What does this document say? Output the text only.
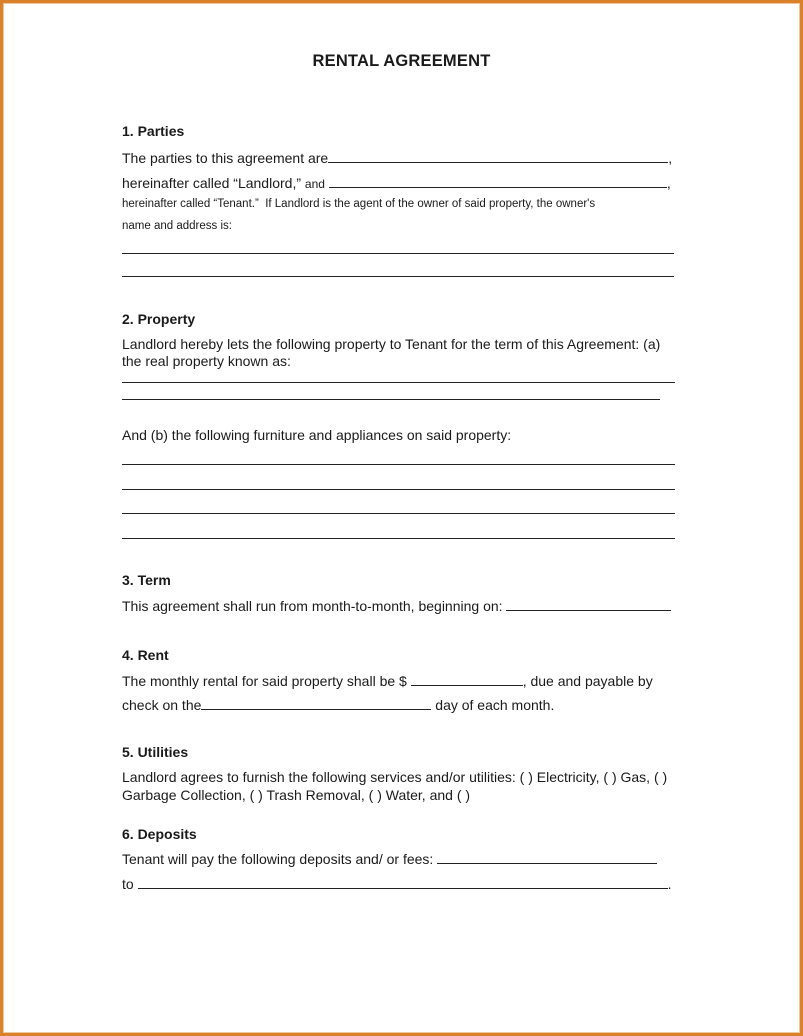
RENTAL AGREEMENT
1. Parties
The parties to this agreement are	,
hereinafter called “Landlord,” and	,
hereinafter called “Tenant.”  If Landlord is the agent of the owner of said property, the owner's
name and address is:
2. Property
Landlord hereby lets the following property to Tenant for the term of this Agreement: (a)
the real property known as:
And (b) the following furniture and appliances on said property:
3. Term
This agreement shall run from month-to-month, beginning on:
4. Rent
The monthly rental for said property shall be $	, due and payable by
check on the	day of each month.
5. Utilities
Landlord agrees to furnish the following services and/or utilities: ( ) Electricity, ( ) Gas, ( )
Garbage Collection, ( ) Trash Removal, ( ) Water, and ( )
6. Deposits
Tenant will pay the following deposits and/ or fees:
to	.
